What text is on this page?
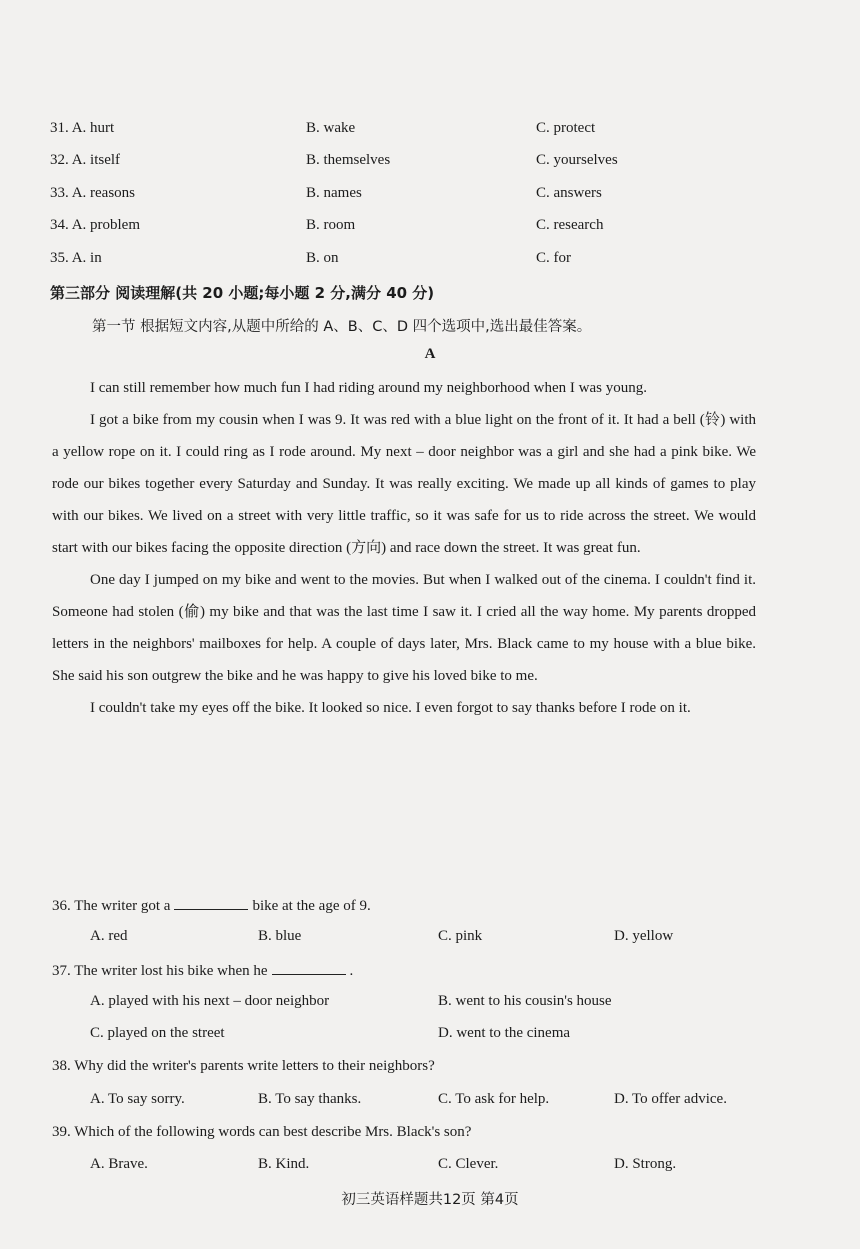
31. A. hurt	B. wake	C. protect
32. A. itself	B. themselves	C. yourselves
33. A. reasons	B. names	C. answers
34. A. problem	B. room	C. research
35. A. in	B. on	C. for
第三部分 阅读理解(共 20 小题;每小题 2 分,满分 40 分)
第一节 根据短文内容,从题中所给的 A、B、C、D 四个选项中,选出最佳答案。
A

I can still remember how much fun I had riding around my neighborhood when I was young.

I got a bike from my cousin when I was 9. It was red with a blue light on the front of it. It had a bell (铃) with a yellow rope on it. I could ring as I rode around. My next – door neighbor was a girl and she had a pink bike. We rode our bikes together every Saturday and Sunday. It was really exciting. We made up all kinds of games to play with our bikes. We lived on a street with very little traffic, so it was safe for us to ride across the street. We would start with our bikes facing the opposite direction (方向) and race down the street. It was great fun.

One day I jumped on my bike and went to the movies. But when I walked out of the cinema. I couldn't find it. Someone had stolen (偷) my bike and that was the last time I saw it. I cried all the way home. My parents dropped letters in the neighbors' mailboxes for help. A couple of days later, Mrs. Black came to my house with a blue bike. She said his son outgrew the bike and he was happy to give his loved bike to me.

I couldn't take my eyes off the bike. It looked so nice. I even forgot to say thanks before I rode on it.

36. The writer got a	bike at the age of 9.
A. red	B. blue	C. pink	D. yellow
37. The writer lost his bike when he	.
A. played with his next – door neighbor	B. went to his cousin's house
C. played on the street	D. went to the cinema
38. Why did the writer's parents write letters to their neighbors?
A. To say sorry.	B. To say thanks.	C. To ask for help.	D. To offer advice.
39. Which of the following words can best describe Mrs. Black's son?
A. Brave.	B. Kind.	C. Clever.	D. Strong.
初三英语样题共12页 第4页
